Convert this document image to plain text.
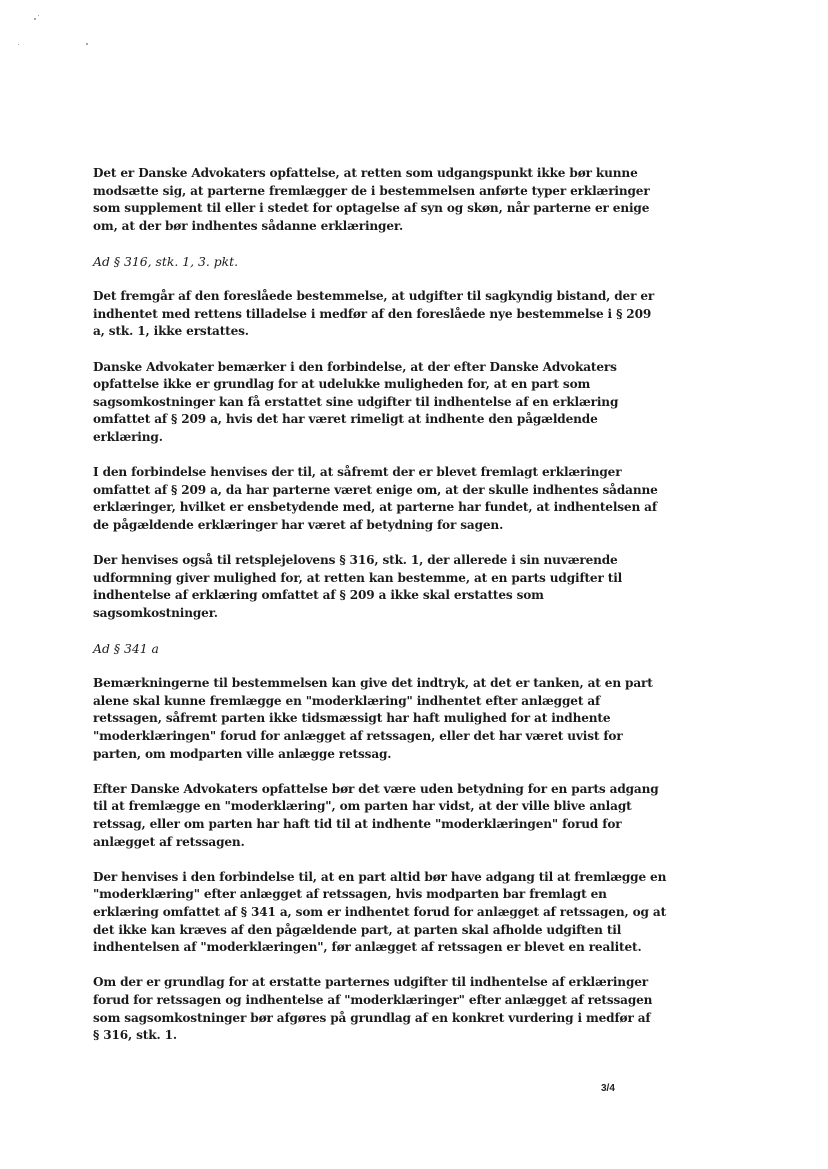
Det er Danske Advokaters opfattelse, at retten som udgangspunkt ikke bør kunne
modsætte sig, at parterne fremlægger de i bestemmelsen anførte typer erklæringer
som supplement til eller i stedet for optagelse af syn og skøn, når parterne er enige
om, at der bør indhentes sådanne erklæringer.

Ad § 316, stk. 1, 3. pkt.

Det fremgår af den foreslåede bestemmelse, at udgifter til sagkyndig bistand, der er
indhentet med rettens tilladelse i medfør af den foreslåede nye bestemmelse i § 209
a, stk. 1, ikke erstattes.

Danske Advokater bemærker i den forbindelse, at der efter Danske Advokaters
opfattelse ikke er grundlag for at udelukke muligheden for, at en part som
sagsomkostninger kan få erstattet sine udgifter til indhentelse af en erklæring
omfattet af § 209 a, hvis det har været rimeligt at indhente den pågældende
erklæring.

I den forbindelse henvises der til, at såfremt der er blevet fremlagt erklæringer
omfattet af § 209 a, da har parterne været enige om, at der skulle indhentes sådanne
erklæringer, hvilket er ensbetydende med, at parterne har fundet, at indhentelsen af
de pågældende erklæringer har været af betydning for sagen.

Der henvises også til retsplejelovens § 316, stk. 1, der allerede i sin nuværende
udformning giver mulighed for, at retten kan bestemme, at en parts udgifter til
indhentelse af erklæring omfattet af § 209 a ikke skal erstattes som
sagsomkostninger.

Ad § 341 a

Bemærkningerne til bestemmelsen kan give det indtryk, at det er tanken, at en part
alene skal kunne fremlægge en "moderklæring" indhentet efter anlægget af
retssagen, såfremt parten ikke tidsmæssigt har haft mulighed for at indhente
"moderklæringen" forud for anlægget af retssagen, eller det har været uvist for
parten, om modparten ville anlægge retssag.

Efter Danske Advokaters opfattelse bør det være uden betydning for en parts adgang
til at fremlægge en "moderklæring", om parten har vidst, at der ville blive anlagt
retssag, eller om parten har haft tid til at indhente "moderklæringen" forud for
anlægget af retssagen.

Der henvises i den forbindelse til, at en part altid bør have adgang til at fremlægge en
"moderklæring" efter anlægget af retssagen, hvis modparten bar fremlagt en
erklæring omfattet af § 341 a, som er indhentet forud for anlægget af retssagen, og at
det ikke kan kræves af den pågældende part, at parten skal afholde udgiften til
indhentelsen af "moderklæringen", før anlægget af retssagen er blevet en realitet.

Om der er grundlag for at erstatte parternes udgifter til indhentelse af erklæringer
forud for retssagen og indhentelse af "moderklæringer" efter anlægget af retssagen
som sagsomkostninger bør afgøres på grundlag af en konkret vurdering i medfør af
§ 316, stk. 1.

3/4
